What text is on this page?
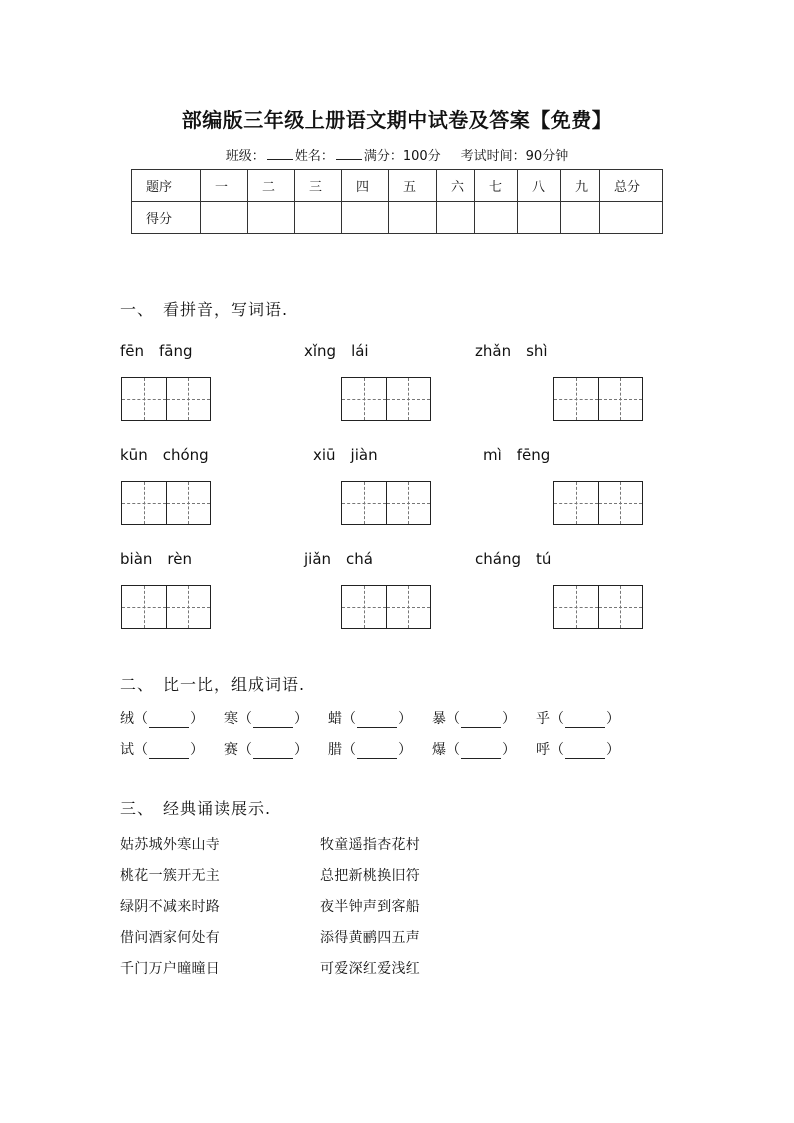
部编版三年级上册语文期中试卷及答案【免费】
班级： 姓名： 满分：100分 考试时间：90分钟
题序	一	二	三	四	五	六	七	八	九	总分
得分										
一、　看拼音，写词语.
fēn　fāng	xǐng　lái	zhǎn　shì
kūn　chóng	xiū　jiàn	mì　fēng
biàn　rèn	jiǎn　chá	cháng　tú
二、　比一比，组成词语.
绒（	）	寒（	）	蜡（	）	暴（	）	乎（	）
试（	）	赛（	）	腊（	）	爆（	）	呼（	）
三、　经典诵读展示.
姑苏城外寒山寺	牧童遥指杏花村
桃花一簇开无主	总把新桃换旧符
绿阴不减来时路	夜半钟声到客船
借问酒家何处有	添得黄鹂四五声
千门万户曈曈日	可爱深红爱浅红
